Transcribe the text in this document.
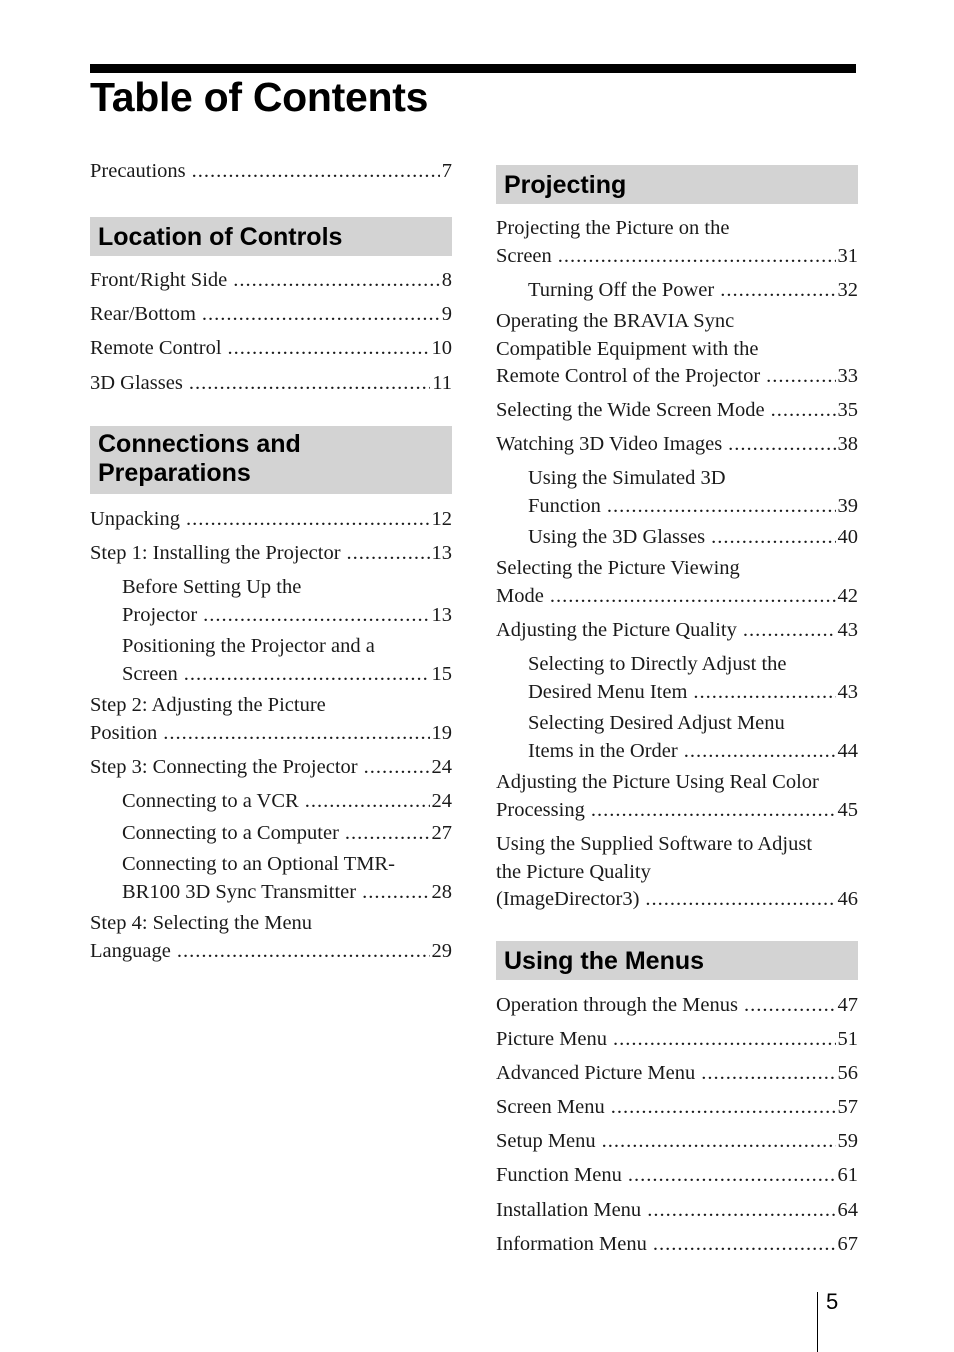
Table of Contents
Precautions .....	7
Location of Controls
Front/Right Side .....	8
Rear/Bottom .....	9
Remote Control .....	10
3D Glasses .....	11
Connections and
Preparations
Unpacking .....	12
Step 1: Installing the Projector .....	13
Before Setting Up the
Projector .....	13
Positioning the Projector and a
Screen .....	15
Step 2: Adjusting the Picture
Position .....	19
Step 3: Connecting the Projector .....	24
Connecting to a VCR .....	24
Connecting to a Computer .....	27
Connecting to an Optional TMR-
BR100 3D Sync Transmitter .....	28
Step 4: Selecting the Menu
Language .....	29
Projecting
Projecting the Picture on the
Screen .....	31
Turning Off the Power .....	32
Operating the BRAVIA Sync
Compatible Equipment with the
Remote Control of the Projector .....	33
Selecting the Wide Screen Mode .....	35
Watching 3D Video Images .....	38
Using the Simulated 3D
Function .....	39
Using the 3D Glasses .....	40
Selecting the Picture Viewing
Mode .....	42
Adjusting the Picture Quality .....	43
Selecting to Directly Adjust the
Desired Menu Item .....	43
Selecting Desired Adjust Menu
Items in the Order .....	44
Adjusting the Picture Using Real Color
Processing .....	45
Using the Supplied Software to Adjust
the Picture Quality
(ImageDirector3) .....	46
Using the Menus
Operation through the Menus .....	47
Picture Menu .....	51
Advanced Picture Menu .....	56
Screen Menu .....	57
Setup Menu .....	59
Function Menu .....	61
Installation Menu .....	64
Information Menu .....	67
5
